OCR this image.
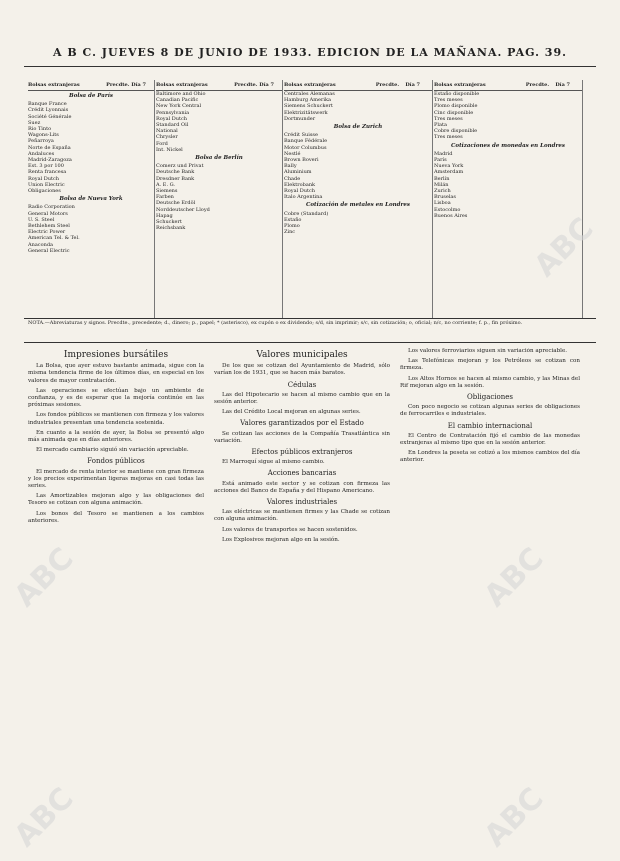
A B C. JUEVES 8 DE JUNIO DE 1933. EDICION DE LA MAÑANA. PAG. 39.
Bolsas extranjeras	Precdte. Día 7
Bolsa de París
Banque France
Crédit Lyonnais
Société Générale
Suez
Rio Tinto
Wagons-Lits
Peñarroya
Norte de España
Andaluces
Madrid-Zaragoza
Est. 3 por 100
Renta francesa
Royal Dutch
Union Electric
Obligaciones
Bolsa de Nueva York
Radio Corporation
General Motors
U. S. Steel
Bethlehem Steel
Electric Power
American Tel. & Tel.
Anaconda
General Electric
Bolsas extranjeras	Precdte. Día 7
Baltimore and Ohio
Canadian Pacific
New York Central
Pennsylvania
Royal Dutch
Standard Oil
National
Chrysler
Ford
Int. Nickel
Bolsa de Berlín
Comerz und Privat
Deutsche Bank
Dresdner Bank
A. E. G.
Siemens
Farben
Deutsche Erdöl
Norddeutscher Lloyd
Hapag
Schuckert
Reichsbank
Bolsas extranjeras	Precdte.	Día 7
Centrales Alemanas
Hamburg Amerika
Siemens Schuckert
Elektrizitätswerk
Dortmunder
Bolsa de Zurich
Crédit Suisse
Banque Fédérale
Motor Columbus
Nestlé
Brown Boveri
Bally
Aluminium
Chade
Elektrobank
Royal Dutch
Italo Argentina
Cotización de metales en Londres
Cobre (Standard)
Estaño
Plomo
Zinc
Bolsas extranjeras	Precdte.	Día 7
Estaño disponible
Tres meses
Plomo disponible
Cinc disponible
Tres meses
Plata
Cobre disponible
Tres meses
Cotizaciones de monedas en Londres
Madrid
París
Nueva York
Amsterdam
Berlín
Milán
Zurich
Bruselas
Lisboa
Estocolmo
Buenos Aires
NOTA.—Abreviaturas y signos. Precdte., precedente; d., dinero; p., papel; * (asterisco), ex cupón o ex dividendo; s/d, sin imprimir; s/c, sin cotización; o, oficial; n/c, no corriente; f. p., fin próximo.
Impresiones bursátiles

La Bolsa, que ayer estuvo bastante animada, sigue con la misma tendencia firme de los últimos días, en especial en los valores de mayor contratación.

Las operaciones se efectúan bajo un ambiente de confianza, y es de esperar que la mejoría continúe en las próximas sesiones.

Los fondos públicos se mantienen con firmeza y los valores industriales presentan una tendencia sostenida.

En cuanto a la sesión de ayer, la Bolsa se presentó algo más animada que en días anteriores.

El mercado cambiario siguió sin variación apreciable.

Fondos públicos

El mercado de renta interior se mantiene con gran firmeza y los precios experimentan ligeras mejoras en casi todas las series.

Las Amortizables mejoran algo y las obligaciones del Tesoro se cotizan con alguna animación.

Los bonos del Tesoro se mantienen a los cambios anteriores.

Valores municipales

De los que se cotizan del Ayuntamiento de Madrid, sólo varían los de 1931, que se hacen más baratos.

Cédulas

Las del Hipotecario se hacen al mismo cambio que en la sesión anterior.

Las del Crédito Local mejoran en algunas series.

Valores garantizados por el Estado

Se cotizan las acciones de la Compañía Trasatlántica sin variación.

Efectos públicos extranjeros

El Marroquí sigue al mismo cambio.

Acciones bancarias

Está animado este sector y se cotizan con firmeza las acciones del Banco de España y del Hispano Americano.

Valores industriales

Las eléctricas se mantienen firmes y las Chade se cotizan con alguna animación.

Los valores de transportes se hacen sostenidos.

Los Explosivos mejoran algo en la sesión.

Los valores ferroviarios siguen sin variación apreciable.

Las Telefónicas mejoran y los Petróleos se cotizan con firmeza.

Los Altos Hornos se hacen al mismo cambio, y las Minas del Rif mejoran algo en la sesión.

Obligaciones

Con poco negocio se cotizan algunas series de obligaciones de ferrocarriles e industriales.

El cambio internacional

El Centro de Contratación fijó el cambio de las monedas extranjeras al mismo tipo que en la sesión anterior.

En Londres la peseta se cotizó a los mismos cambios del día anterior.

ABC
ABC
ABC	ABC
ABC
